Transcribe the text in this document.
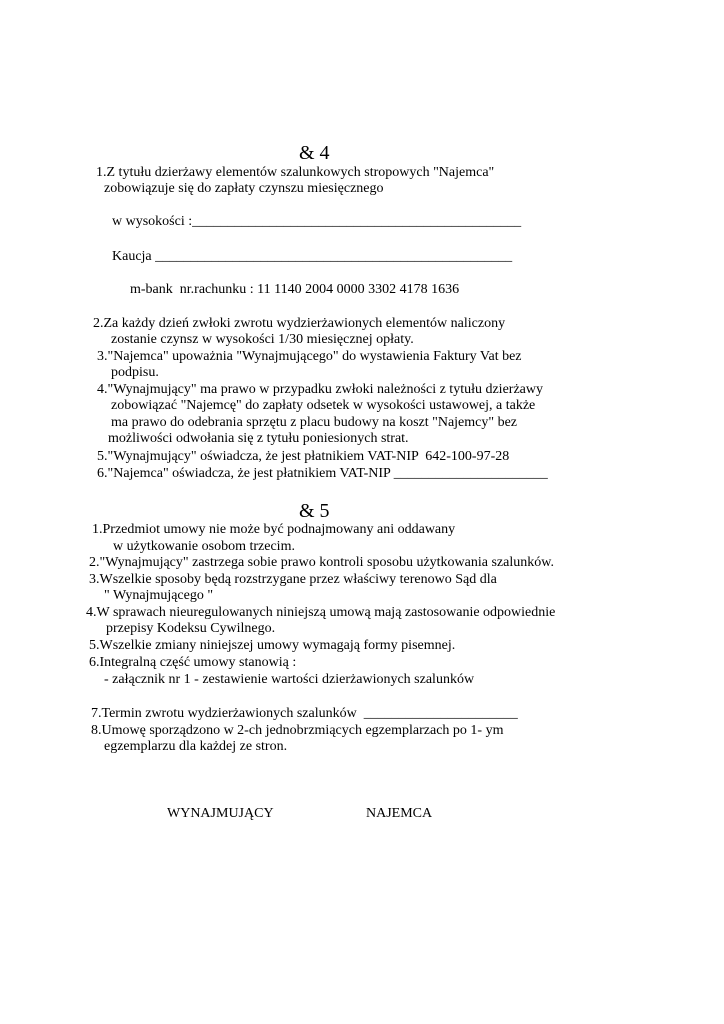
& 4
1.Z tytułu dzierżawy elementów szalunkowych stropowych "Najemca"
zobowiązuje się do zapłaty czynszu miesięcznego
w wysokości :_______________________________________________
Kaucja ___________________________________________________
m-bank  nr.rachunku : 11 1140 2004 0000 3302 4178 1636
2.Za każdy dzień zwłoki zwrotu wydzierżawionych elementów naliczony
zostanie czynsz w wysokości 1/30 miesięcznej opłaty.
3."Najemca" upoważnia "Wynajmującego" do wystawienia Faktury Vat bez
podpisu.
4."Wynajmujący" ma prawo w przypadku zwłoki należności z tytułu dzierżawy
zobowiązać "Najemcę" do zapłaty odsetek w wysokości ustawowej, a także
ma prawo do odebrania sprzętu z placu budowy na koszt "Najemcy" bez
możliwości odwołania się z tytułu poniesionych strat.
5."Wynajmujący" oświadcza, że jest płatnikiem VAT-NIP  642-100-97-28
6."Najemca" oświadcza, że jest płatnikiem VAT-NIP ______________________
& 5
1.Przedmiot umowy nie może być podnajmowany ani oddawany
w użytkowanie osobom trzecim.
2."Wynajmujący" zastrzega sobie prawo kontroli sposobu użytkowania szalunków.
3.Wszelkie sposoby będą rozstrzygane przez właściwy terenowo Sąd dla
" Wynajmującego "
4.W sprawach nieuregulowanych niniejszą umową mają zastosowanie odpowiednie
przepisy Kodeksu Cywilnego.
5.Wszelkie zmiany niniejszej umowy wymagają formy pisemnej.
6.Integralną część umowy stanowią :
- załącznik nr 1 - zestawienie wartości dzierżawionych szalunków
7.Termin zwrotu wydzierżawionych szalunków  ______________________
8.Umowę sporządzono w 2-ch jednobrzmiących egzemplarzach po 1- ym
egzemplarzu dla każdej ze stron.
WYNAJMUJĄCY	NAJEMCA
